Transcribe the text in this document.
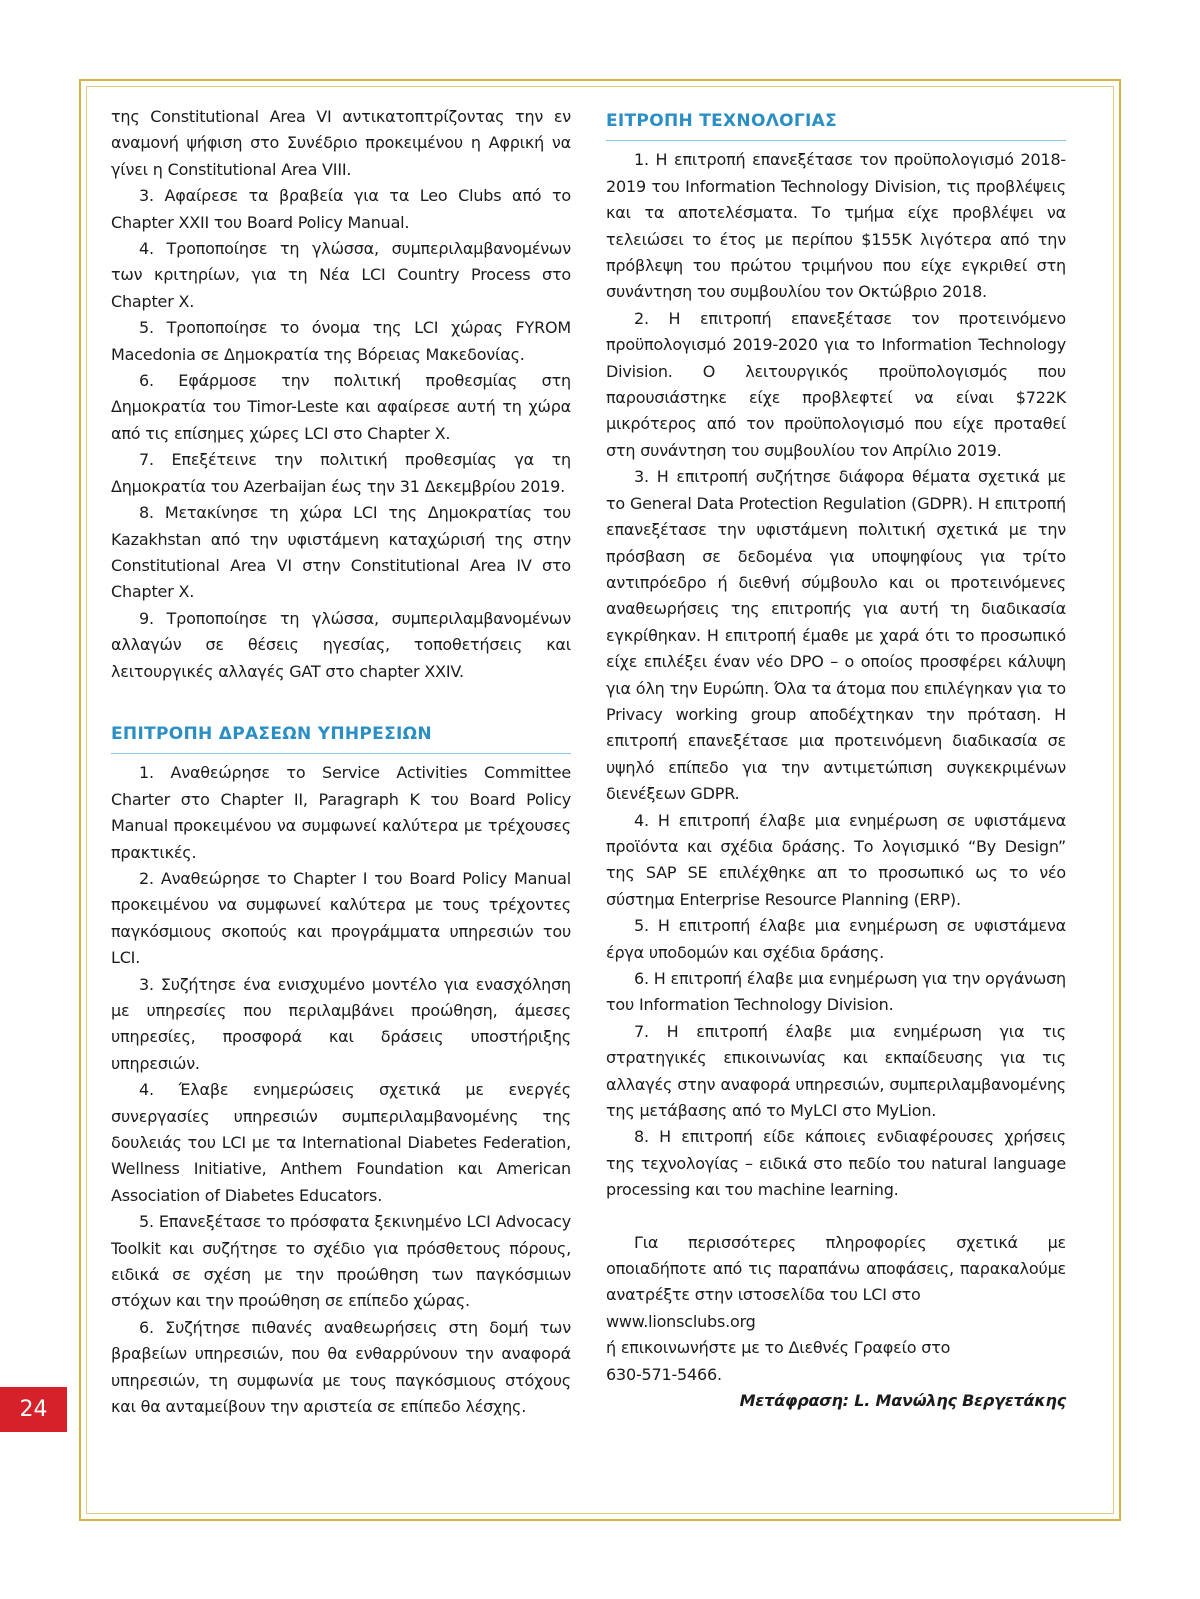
της Constitutional Area VI αντικατοπτρίζοντας την εν αναμονή ψήφιση στο Συνέδριο προκειμένου η Αφρική να γίνει η Constitutional Area VIII.

3. Αφαίρεσε τα βραβεία για τα Leo Clubs από το Chapter XXII του Board Policy Manual.

4. Τροποποίησε τη γλώσσα, συμπεριλαμβανομένων των κριτηρίων, για τη Νέα LCI Country Process στο Chapter X.

5. Τροποποίησε το όνομα της LCI χώρας FYROM Macedonia σε Δημοκρατία της Βόρειας Μακεδονίας.

6. Εφάρμοσε την πολιτική προθεσμίας στη Δημοκρατία του Timor-Leste και αφαίρεσε αυτή τη χώρα από τις επίσημες χώρες LCI στο Chapter X.

7. Επεξέτεινε την πολιτική προθεσμίας γα τη Δημοκρατία του Azerbaijan έως την 31 Δεκεμβρίου 2019.

8. Μετακίνησε τη χώρα LCI της Δημοκρατίας του Kazakhstan από την υφιστάμενη καταχώρισή της στην Constitutional Area VI στην Constitutional Area IV στο Chapter X.

9. Τροποποίησε τη γλώσσα, συμπεριλαμβανομένων αλλαγών σε θέσεις ηγεσίας, τοποθετήσεις και λειτουργικές αλλαγές GAT στο chapter XXIV.

ΕΠΙΤΡΟΠΗ ΔΡΑΣΕΩΝ ΥΠΗΡΕΣΙΩΝ

1. Αναθεώρησε το Service Activities Committee Charter στο Chapter II, Paragraph K του Board Policy Manual προκειμένου να συμφωνεί καλύτερα με τρέχουσες πρακτικές.

2. Αναθεώρησε το Chapter I του Board Policy Manual προκειμένου να συμφωνεί καλύτερα με τους τρέχοντες παγκόσμιους σκοπούς και προγράμματα υπηρεσιών του LCI.

3. Συζήτησε ένα ενισχυμένο μοντέλο για ενασχόληση με υπηρεσίες που περιλαμβάνει προώθηση, άμεσες υπηρεσίες, προσφορά και δράσεις υποστήριξης υπηρεσιών.

4. Έλαβε ενημερώσεις σχετικά με ενεργές συνεργασίες υπηρεσιών συμπεριλαμβανομένης της δουλειάς του LCI με τα International Diabetes Federation, Wellness Initiative, Anthem Foundation και American Association of Diabetes Educators.

5. Επανεξέτασε το πρόσφατα ξεκινημένο LCI Advocacy Toolkit και συζήτησε το σχέδιο για πρόσθετους πόρους, ειδικά σε σχέση με την προώθηση των παγκόσμιων στόχων και την προώθηση σε επίπεδο χώρας.

6. Συζήτησε πιθανές αναθεωρήσεις στη δομή των βραβείων υπηρεσιών, που θα ενθαρρύνουν την αναφορά υπηρεσιών, τη συμφωνία με τους παγκόσμιους στόχους και θα ανταμείβουν την αριστεία σε επίπεδο λέσχης.

ΕΙΤΡΟΠΗ ΤΕΧΝΟΛΟΓΙΑΣ

1. Η επιτροπή επανεξέτασε τον προϋπολογισμό 2018-2019 του Information Technology Division, τις προβλέψεις και τα αποτελέσματα. Το τμήμα είχε προβλέψει να τελειώσει το έτος με περίπου $155K λιγότερα από την πρόβλεψη του πρώτου τριμήνου που είχε εγκριθεί στη συνάντηση του συμβουλίου τον Οκτώβριο 2018.

2. Η επιτροπή επανεξέτασε τον προτεινόμενο προϋπολογισμό 2019-2020 για το Information Technology Division. Ο λειτουργικός προϋπολογισμός που παρουσιάστηκε είχε προβλεφτεί να είναι $722K μικρότερος από τον προϋπολογισμό που είχε προταθεί στη συνάντηση του συμβουλίου τον Απρίλιο 2019.

3. Η επιτροπή συζήτησε διάφορα θέματα σχετικά με το General Data Protection Regulation (GDPR). Η επιτροπή επανεξέτασε την υφιστάμενη πολιτική σχετικά με την πρόσβαση σε δεδομένα για υποψηφίους για τρίτο αντιπρόεδρο ή διεθνή σύμβουλο και οι προτεινόμενες αναθεωρήσεις της επιτροπής για αυτή τη διαδικασία εγκρίθηκαν. Η επιτροπή έμαθε με χαρά ότι το προσωπικό είχε επιλέξει έναν νέο DPO – ο οποίος προσφέρει κάλυψη για όλη την Ευρώπη. Όλα τα άτομα που επιλέγηκαν για το Privacy working group αποδέχτηκαν την πρόταση. Η επιτροπή επανεξέτασε μια προτεινόμενη διαδικασία σε υψηλό επίπεδο για την αντιμετώπιση συγκεκριμένων διενέξεων GDPR.

4. Η επιτροπή έλαβε μια ενημέρωση σε υφιστάμενα προϊόντα και σχέδια δράσης. Το λογισμικό “By Design” της SAP SE επιλέχθηκε απ το προσωπικό ως το νέο σύστημα Enterprise Resource Planning (ERP).

5. Η επιτροπή έλαβε μια ενημέρωση σε υφιστάμενα έργα υποδομών και σχέδια δράσης.

6. Η επιτροπή έλαβε μια ενημέρωση για την οργάνωση του Information Technology Division.

7. Η επιτροπή έλαβε μια ενημέρωση για τις στρατηγικές επικοινωνίας και εκπαίδευσης για τις αλλαγές στην αναφορά υπηρεσιών, συμπεριλαμβανομένης της μετάβασης από το MyLCI στο MyLion.

8. Η επιτροπή είδε κάποιες ενδιαφέρουσες χρήσεις της τεχνολογίας – ειδικά στο πεδίο του natural language processing και του machine learning.

Για περισσότερες πληροφορίες σχετικά με οποιαδήποτε από τις παραπάνω αποφάσεις, παρακαλούμε ανατρέξτε στην ιστοσελίδα του LCI στο

www.lionsclubs.org

ή επικοινωνήστε με το Διεθνές Γραφείο στο

630-571-5466.

Μετάφραση: L. Μανώλης Βεργετάκης

24
